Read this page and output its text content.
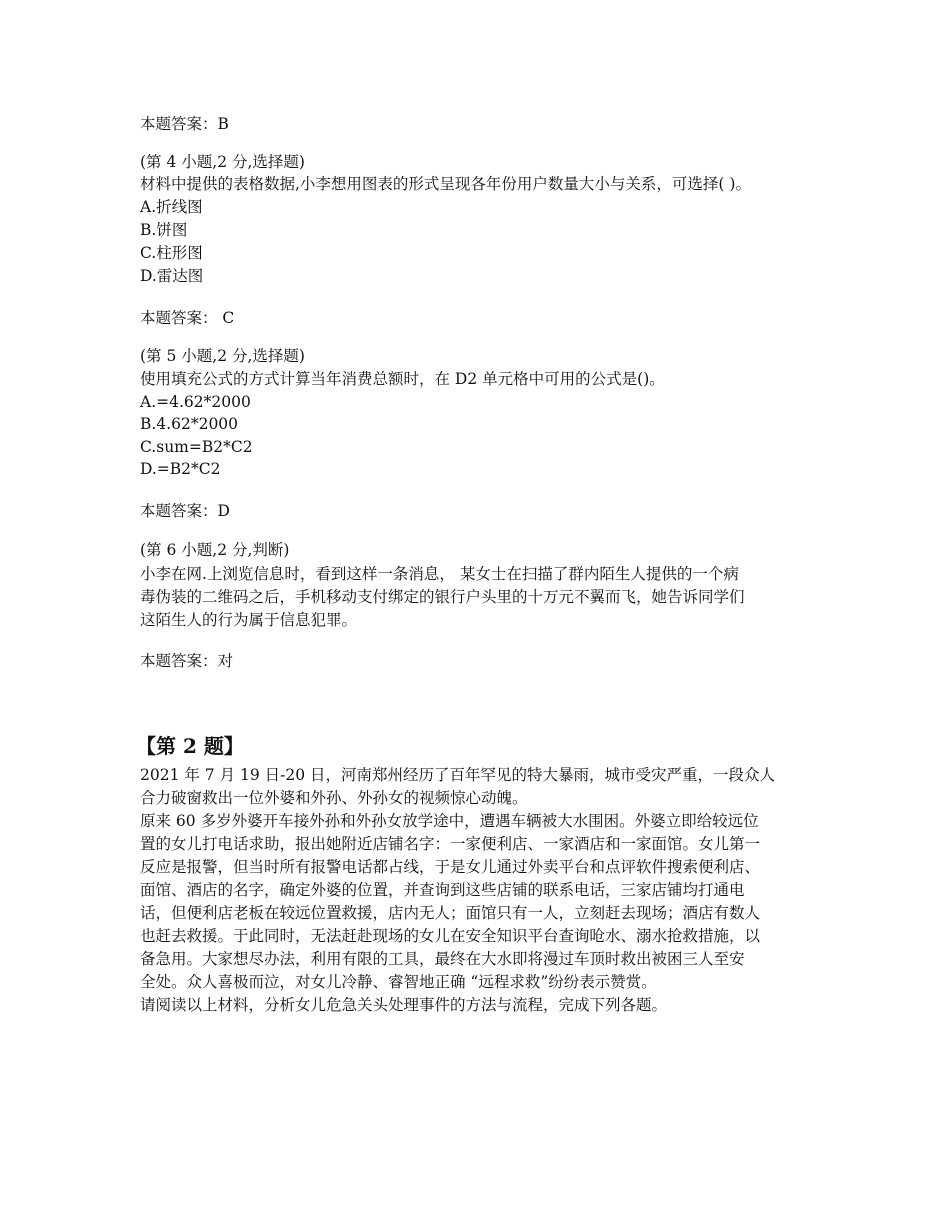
本题答案：B
(第 4 小题,2 分,选择题)
材料中提供的表格数据,小李想用图表的形式呈现各年份用户数量大小与关系，可选择( )。
A.折线图
B.饼图
C.柱形图
D.雷达图
本题答案： C
(第 5 小题,2 分,选择题)
使用填充公式的方式计算当年消费总额时，在 D2 单元格中可用的公式是()。
A.=4.62*2000
B.4.62*2000
C.sum=B2*C2
D.=B2*C2
本题答案：D
(第 6 小题,2 分,判断)
小李在网.上浏览信息时，看到这样一条消息， 某女士在扫描了群内陌生人提供的一个病
毒伪装的二维码之后，手机移动支付绑定的银行户头里的十万元不翼而飞，她告诉同学们
这陌生人的行为属于信息犯罪。
本题答案：对
【第 2 题】
2021 年 7 月 19 日-20 日，河南郑州经历了百年罕见的特大暴雨，城市受灾严重，一段众人
合力破窗救出一位外婆和外孙、外孙女的视频惊心动魄。
原来 60 多岁外婆开车接外孙和外孙女放学途中，遭遇车辆被大水围困。外婆立即给较远位
置的女儿打电话求助，报出她附近店铺名字：一家便利店、一家酒店和一家面馆。女儿第一
反应是报警，但当时所有报警电话都占线，于是女儿通过外卖平台和点评软件搜索便利店、
面馆、酒店的名字，确定外婆的位置，并查询到这些店铺的联系电话，三家店铺均打通电
话，但便利店老板在较远位置救援，店内无人；面馆只有一人，立刻赶去现场；酒店有数人
也赶去救援。于此同时，无法赶赴现场的女儿在安全知识平台查询呛水、溺水抢救措施，以
备急用。大家想尽办法，利用有限的工具，最终在大水即将漫过车顶时救出被困三人至安
全处。众人喜极而泣，对女儿冷静、睿智地正确 “远程求救”纷纷表示赞赏。
请阅读以上材料，分析女儿危急关头处理事件的方法与流程，完成下列各题。
